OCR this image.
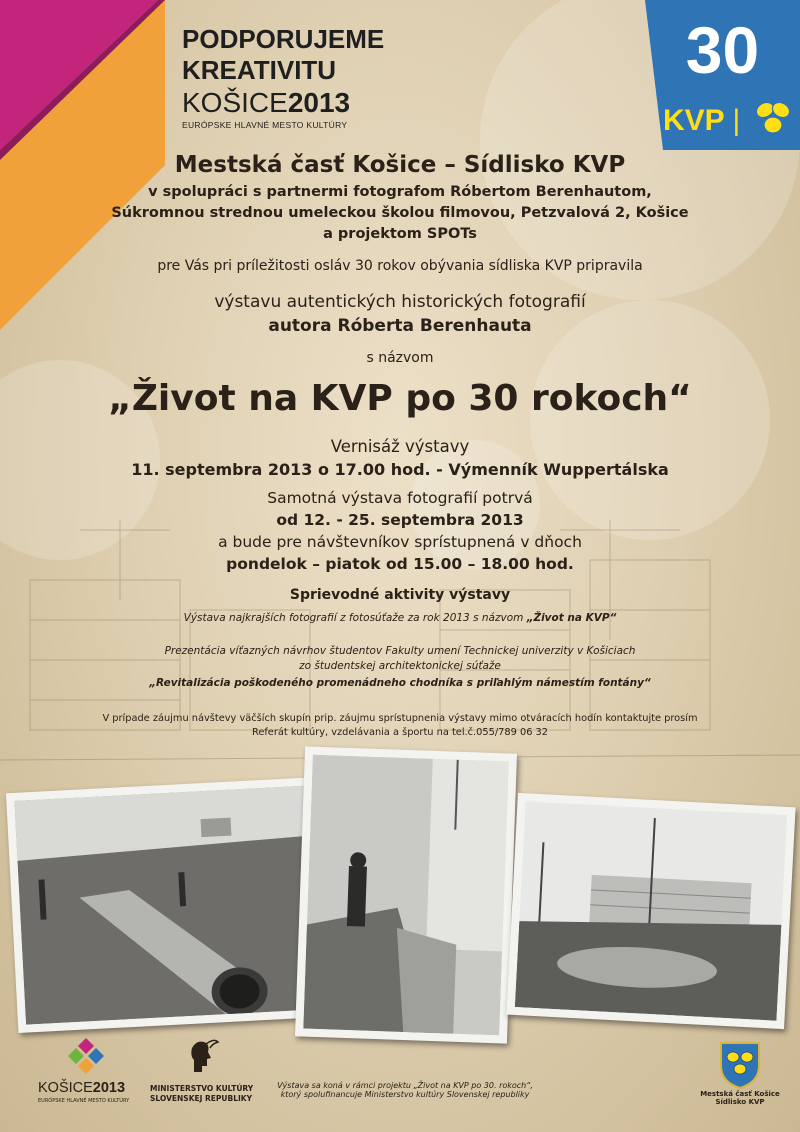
30
KVP |
PODPORUJEME
KREATIVITU
KOŠICE2013
EURÓPSKE HLAVNÉ MESTO KULTÚRY
Mestská časť Košice – Sídlisko KVP
v spolupráci s partnermi fotografom Róbertom Berenhautom,
Súkromnou strednou umeleckou školou filmovou, Petzvalová 2, Košice
a projektom SPOTs
pre Vás pri príležitosti osláv 30 rokov obývania sídliska KVP pripravila
výstavu autentických historických fotografií
autora Róberta Berenhauta
s názvom
„Život na KVP po 30 rokoch“
Vernisáž výstavy
11. septembra 2013 o 17.00 hod. - Výmenník Wuppertálska
Samotná výstava fotografií potrvá
od 12. - 25. septembra 2013
a bude pre návštevníkov sprístupnená v dňoch
pondelok – piatok od 15.00 – 18.00 hod.
Sprievodné aktivity výstavy
Výstava najkrajších fotografií z fotosúťaže za rok 2013 s názvom „Život na KVP“
Prezentácia víťazných návrhov študentov Fakulty umení Technickej univerzity v Košiciach
zo študentskej architektonickej súťaže
„Revitalizácia poškodeného promenádneho chodníka s priľahlým námestím fontány“
V prípade záujmu návštevy väčších skupín prip. záujmu sprístupnenia výstavy mimo otváracích hodín kontaktujte prosím
Referát kultúry, vzdelávania a športu na tel.č.055/789 06 32
KOŠICE2013
EURÓPSKE HLAVNÉ MESTO KULTÚRY
MINISTERSTVO KULTÚRY
SLOVENSKEJ REPUBLIKY
Výstava sa koná v rámci projektu „Život na KVP po 30. rokoch“,
ktorý spolufinancuje Ministerstvo kultúry Slovenskej republiky	Mestská časť Košice
Sídlisko KVP
